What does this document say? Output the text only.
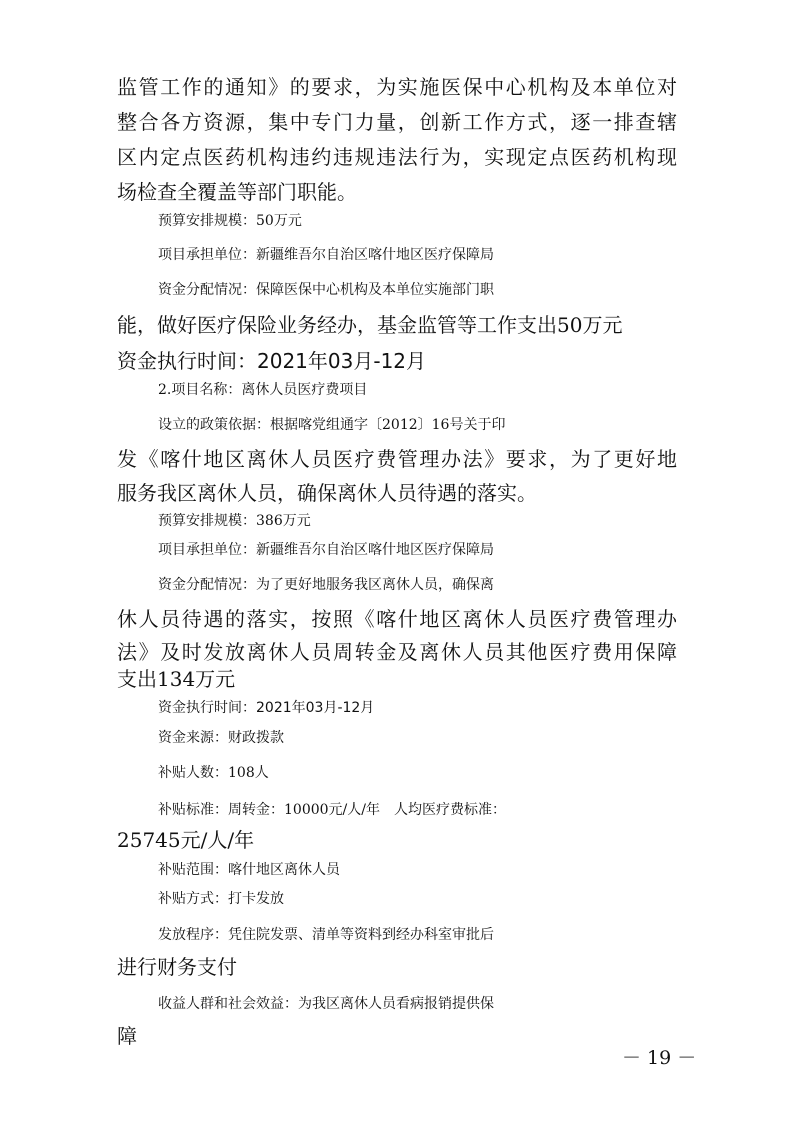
监管工作的通知》的要求，为实施医保中心机构及本单位对
整合各方资源，集中专门力量，创新工作方式，逐一排查辖
区内定点医药机构违约违规违法行为，实现定点医药机构现
场检查全覆盖等部门职能。
预算安排规模：50万元
项目承担单位：新疆维吾尔自治区喀什地区医疗保障局
资金分配情况：保障医保中心机构及本单位实施部门职
能，做好医疗保险业务经办，基金监管等工作支出50万元
资金执行时间：2021年03月-12月
2.项目名称：离休人员医疗费项目
设立的政策依据：根据喀党组通字〔2012〕16号关于印
发《喀什地区离休人员医疗费管理办法》要求，为了更好地
服务我区离休人员，确保离休人员待遇的落实。
预算安排规模：386万元
项目承担单位：新疆维吾尔自治区喀什地区医疗保障局
资金分配情况：为了更好地服务我区离休人员，确保离
休人员待遇的落实，按照《喀什地区离休人员医疗费管理办
法》及时发放离休人员周转金及离休人员其他医疗费用保障
支出134万元
资金执行时间：2021年03月-12月
资金来源：财政拨款
补贴人数：108人
补贴标准：周转金：10000元/人/年　人均医疗费标准：
25745元/人/年
补贴范围：喀什地区离休人员
补贴方式：打卡发放
发放程序：凭住院发票、清单等资料到经办科室审批后
进行财务支付
收益人群和社会效益：为我区离休人员看病报销提供保
障
－ 19 －
